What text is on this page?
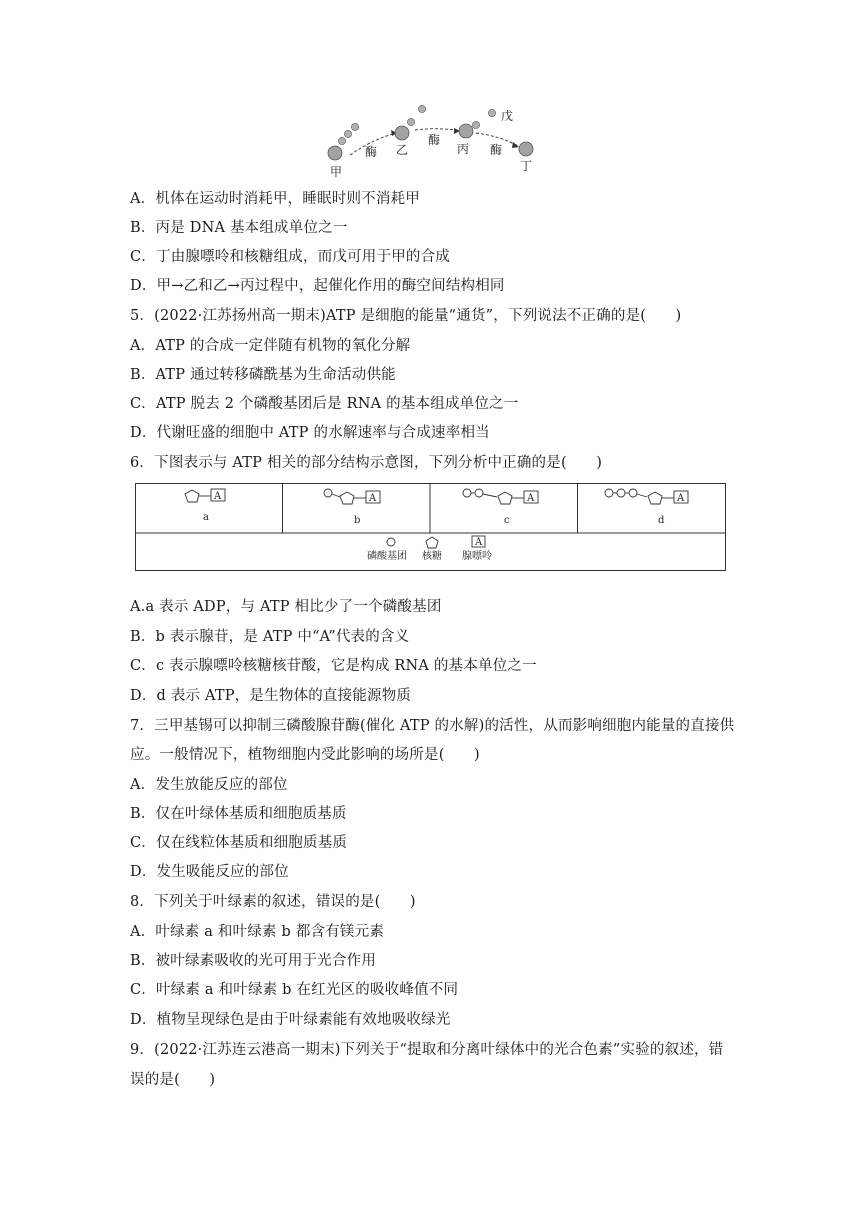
甲
酶 乙
酶
丙
戊
酶
丁
A．机体在运动时消耗甲，睡眠时则不消耗甲
B．丙是 DNA 基本组成单位之一
C．丁由腺嘌呤和核糖组成，而戊可用于甲的合成
D．甲→乙和乙→丙过程中，起催化作用的酶空间结构相同
5．(2022·江苏扬州高一期末)ATP 是细胞的能量“通货”，下列说法不正确的是(　　)
A．ATP 的合成一定伴随有机物的氧化分解
B．ATP 通过转移磷酰基为生命活动供能
C．ATP 脱去 2 个磷酸基团后是 RNA 的基本组成单位之一
D．代谢旺盛的细胞中 ATP 的水解速率与合成速率相当
6．下图表示与 ATP 相关的部分结构示意图，下列分析中正确的是(　　)
A
a
A
b
A
c
A
d
磷酸基团 核糖
A
腺嘌呤
A.a 表示 ADP，与 ATP 相比少了一个磷酸基团
B．b 表示腺苷，是 ATP 中“A”代表的含义
C．c 表示腺嘌呤核糖核苷酸，它是构成 RNA 的基本单位之一
D．d 表示 ATP，是生物体的直接能源物质
7．三甲基锡可以抑制三磷酸腺苷酶(催化 ATP 的水解)的活性，从而影响细胞内能量的直接供
应。一般情况下，植物细胞内受此影响的场所是(　　)
A．发生放能反应的部位
B．仅在叶绿体基质和细胞质基质
C．仅在线粒体基质和细胞质基质
D．发生吸能反应的部位
8．下列关于叶绿素的叙述，错误的是(　　)
A．叶绿素 a 和叶绿素 b 都含有镁元素
B．被叶绿素吸收的光可用于光合作用
C．叶绿素 a 和叶绿素 b 在红光区的吸收峰值不同
D．植物呈现绿色是由于叶绿素能有效地吸收绿光
9．(2022·江苏连云港高一期末)下列关于“提取和分离叶绿体中的光合色素”实验的叙述，错
误的是(　　)
